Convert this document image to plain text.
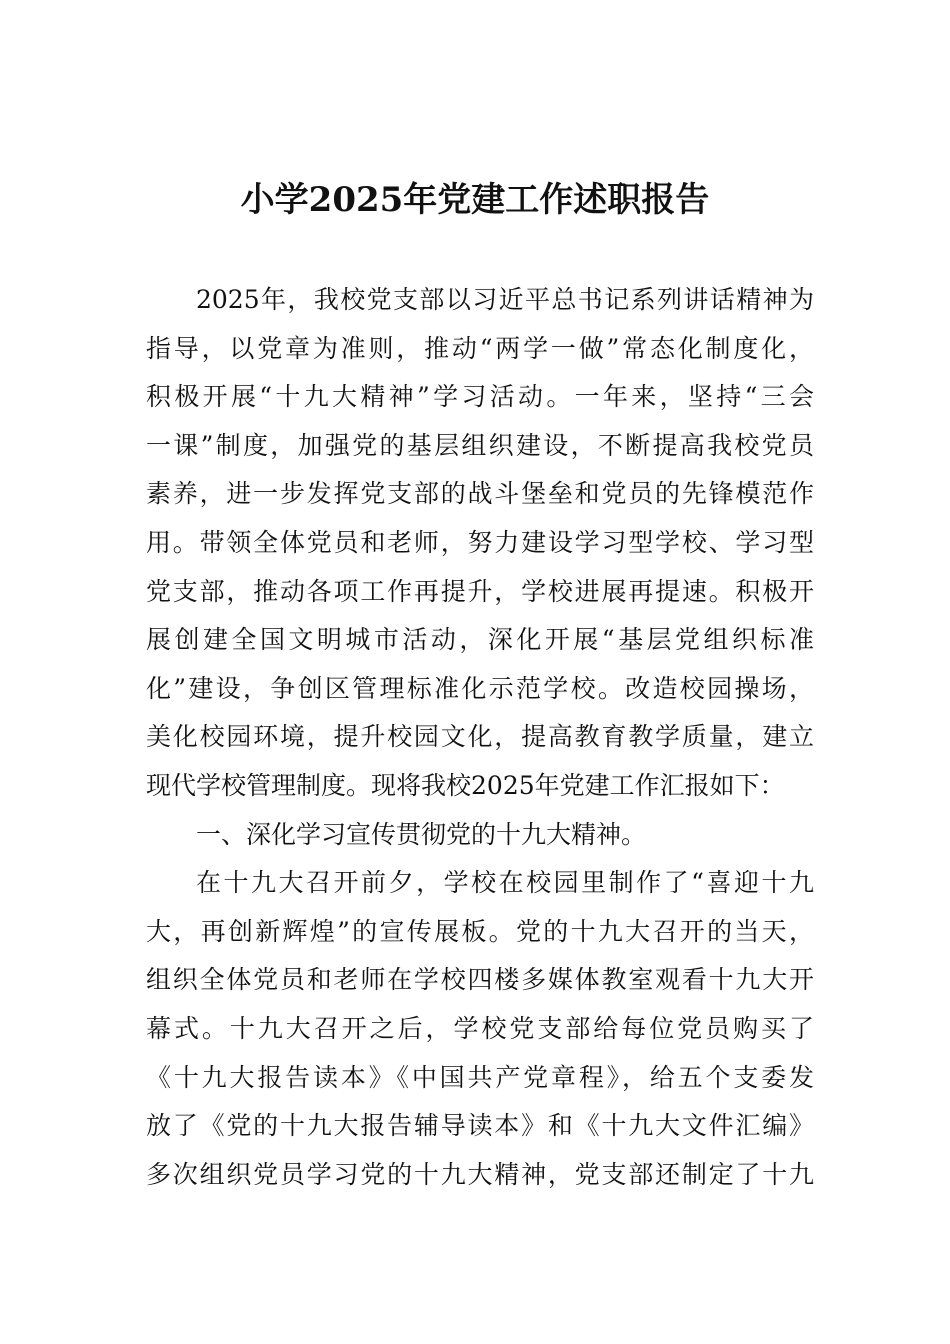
小学2025年党建工作述职报告
2025年，我校党支部以习近平总书记系列讲话精神为
指导，以党章为准则，推动“两学一做”常态化制度化，
积极开展“十九大精神”学习活动。一年来，坚持“三会
一课”制度，加强党的基层组织建设，不断提高我校党员
素养，进一步发挥党支部的战斗堡垒和党员的先锋模范作
用。带领全体党员和老师，努力建设学习型学校、学习型
党支部，推动各项工作再提升，学校进展再提速。积极开
展创建全国文明城市活动，深化开展“基层党组织标准
化”建设，争创区管理标准化示范学校。改造校园操场，
美化校园环境，提升校园文化，提高教育教学质量，建立
现代学校管理制度。现将我校2025年党建工作汇报如下：
一、深化学习宣传贯彻党的十九大精神。
在十九大召开前夕，学校在校园里制作了“喜迎十九
大，再创新辉煌”的宣传展板。党的十九大召开的当天，
组织全体党员和老师在学校四楼多媒体教室观看十九大开
幕式。十九大召开之后，学校党支部给每位党员购买了
《十九大报告读本》《中国共产党章程》，给五个支委发
放了《党的十九大报告辅导读本》和《十九大文件汇编》
多次组织党员学习党的十九大精神，党支部还制定了十九
